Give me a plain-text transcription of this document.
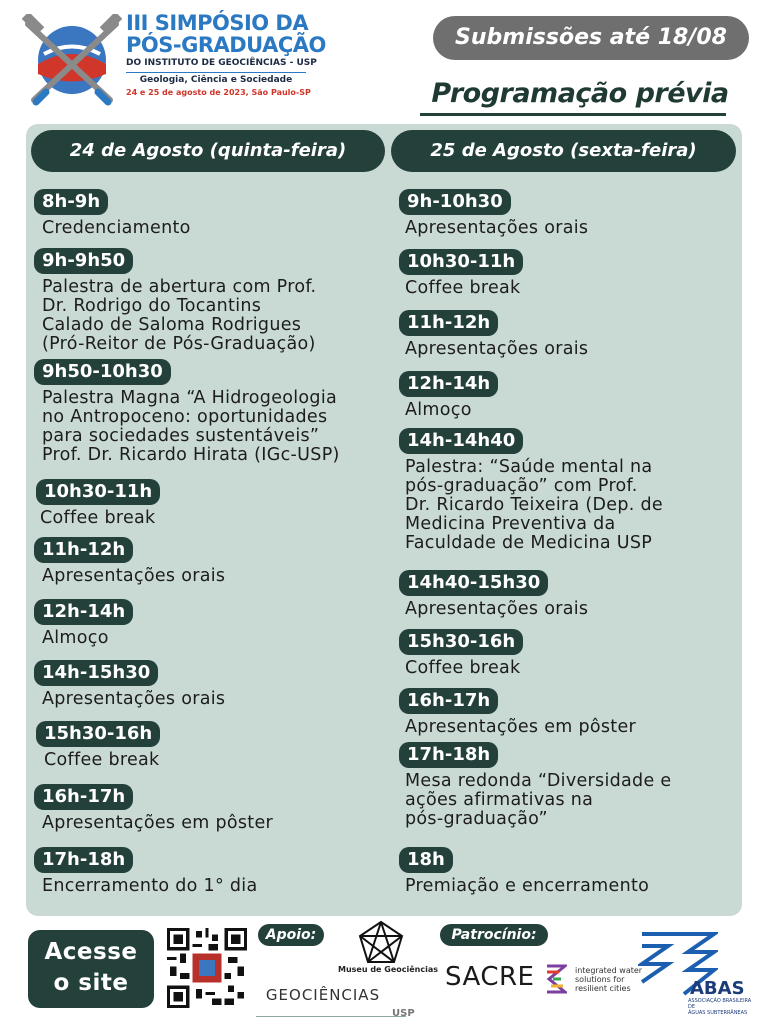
III SIMPÓSIO DA
PÓS-GRADUAÇÃO
DO INSTITUTO DE GEOCIÊNCIAS - USP
Geologia, Ciência e Sociedade
24 e 25 de agosto de 2023, São Paulo-SP
Submissões até 18/08
Programação prévia
24 de Agosto (quinta-feira)	25 de Agosto (sexta-feira)
8h-9h
Credenciamento
9h-9h50
Palestra de abertura com Prof.
Dr. Rodrigo do Tocantins
Calado de Saloma Rodrigues
(Pró-Reitor de Pós-Graduação)
9h50-10h30
Palestra Magna “A Hidrogeologia
no Antropoceno: oportunidades
para sociedades sustentáveis”
Prof. Dr. Ricardo Hirata (IGc-USP)
10h30-11h
Coffee break
11h-12h
Apresentações orais
12h-14h
Almoço
14h-15h30
Apresentações orais
15h30-16h
Coffee break
16h-17h
Apresentações em pôster
17h-18h
Encerramento do 1° dia
9h-10h30
Apresentações orais
10h30-11h
Coffee break
11h-12h
Apresentações orais
12h-14h
Almoço
14h-14h40
Palestra: “Saúde mental na
pós-graduação” com Prof.
Dr. Ricardo Teixeira (Dep. de
Medicina Preventiva da
Faculdade de Medicina USP
14h40-15h30
Apresentações orais
15h30-16h
Coffee break
16h-17h
Apresentações em pôster
17h-18h
Mesa redonda “Diversidade e
ações afirmativas na
pós-graduação”
18h
Premiação e encerramento
Acesse
o site
Apoio:
Museu de Geociências
GEOCIÊNCIAS
USP
Patrocínio:
SACRE	integrated water
solutions for
resilient cities	ABAS
ASSOCIAÇÃO BRASILEIRA DE
ÁGUAS SUBTERRÂNEAS
